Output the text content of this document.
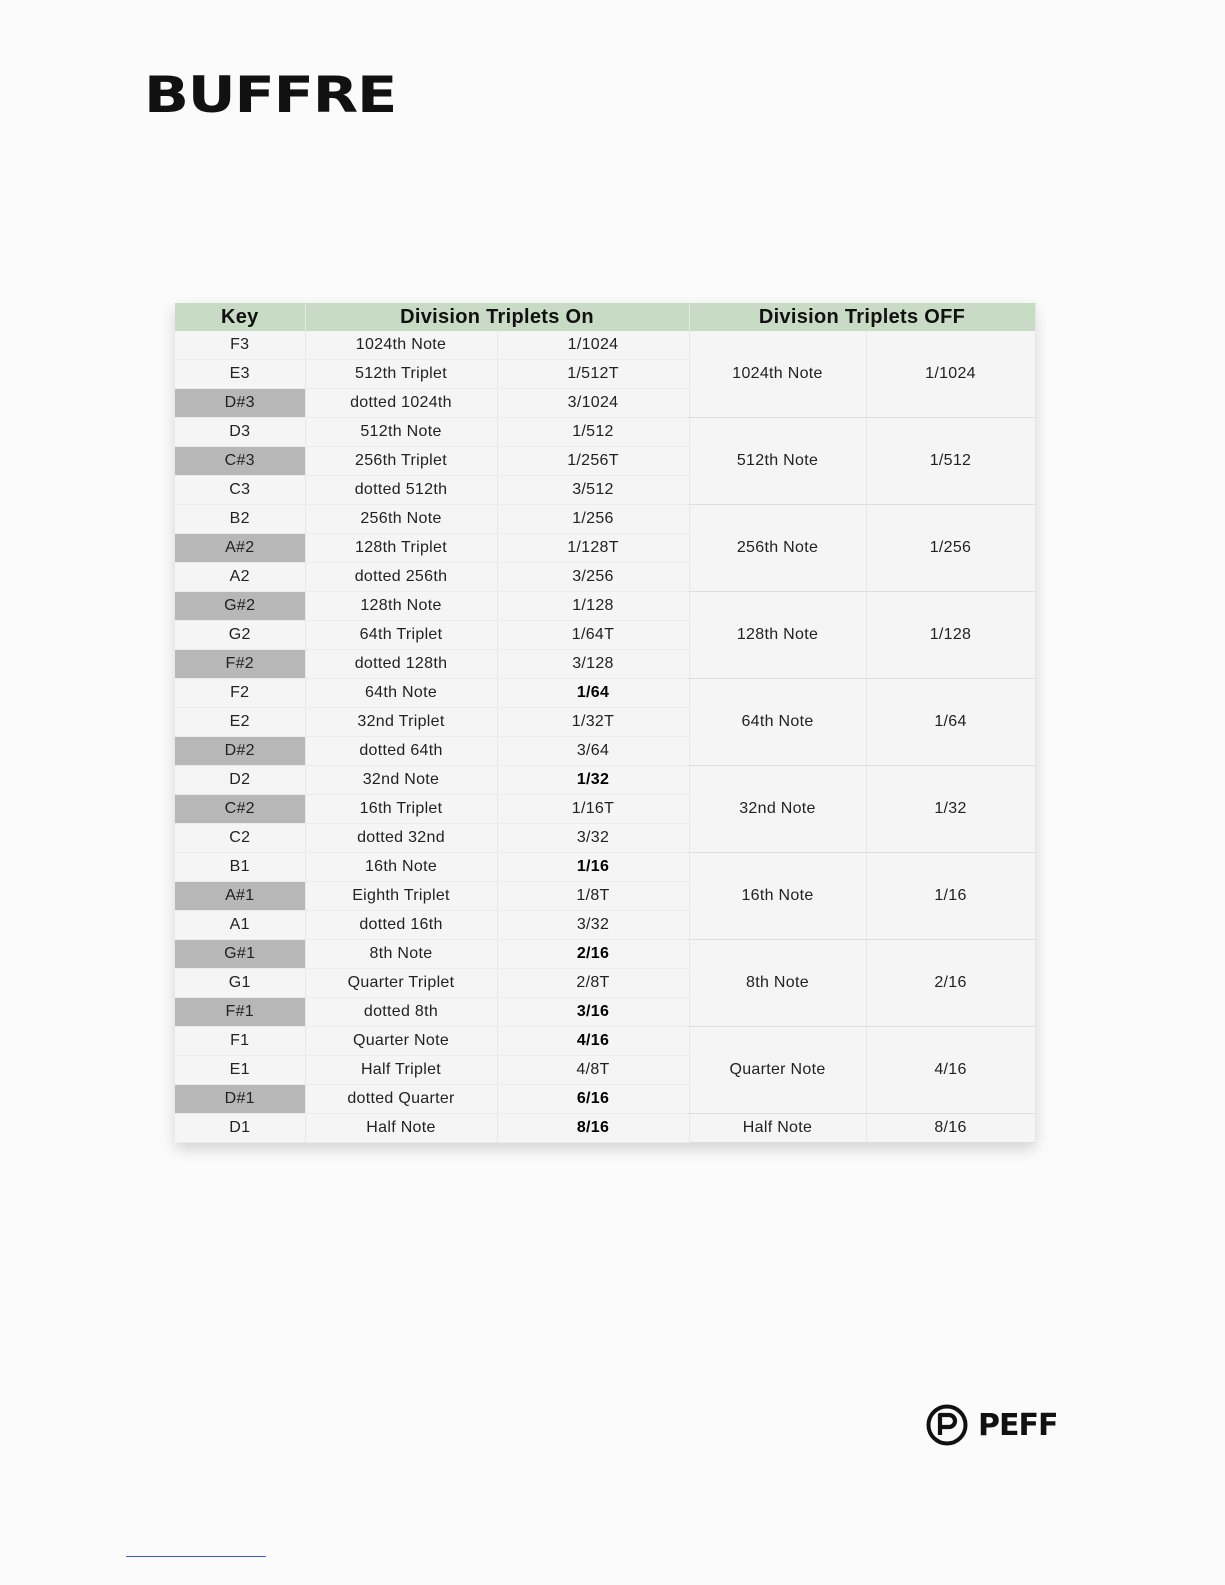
BUFFRE
Key	Division Triplets On		Division Triplets OFF	
F3	1024th Note	1/1024	1024th Note	1/1024
E3	512th Triplet	1/512T		
D#3	dotted 1024th	3/1024		
D3	512th Note	1/512	512th Note	1/512
C#3	256th Triplet	1/256T		
C3	dotted 512th	3/512		
B2	256th Note	1/256	256th Note	1/256
A#2	128th Triplet	1/128T		
A2	dotted 256th	3/256		
G#2	128th Note	1/128	128th Note	1/128
G2	64th Triplet	1/64T		
F#2	dotted 128th	3/128		
F2	64th Note	1/64	64th Note	1/64
E2	32nd Triplet	1/32T		
D#2	dotted 64th	3/64		
D2	32nd Note	1/32	32nd Note	1/32
C#2	16th Triplet	1/16T		
C2	dotted 32nd	3/32		
B1	16th Note	1/16	16th Note	1/16
A#1	Eighth Triplet	1/8T		
A1	dotted 16th	3/32		
G#1	8th Note	2/16	8th Note	2/16
G1	Quarter Triplet	2/8T		
F#1	dotted 8th	3/16		
F1	Quarter Note	4/16	Quarter Note	4/16
E1	Half Triplet	4/8T		
D#1	dotted Quarter	6/16		
D1	Half Note	8/16	Half Note	8/16
PEFF
